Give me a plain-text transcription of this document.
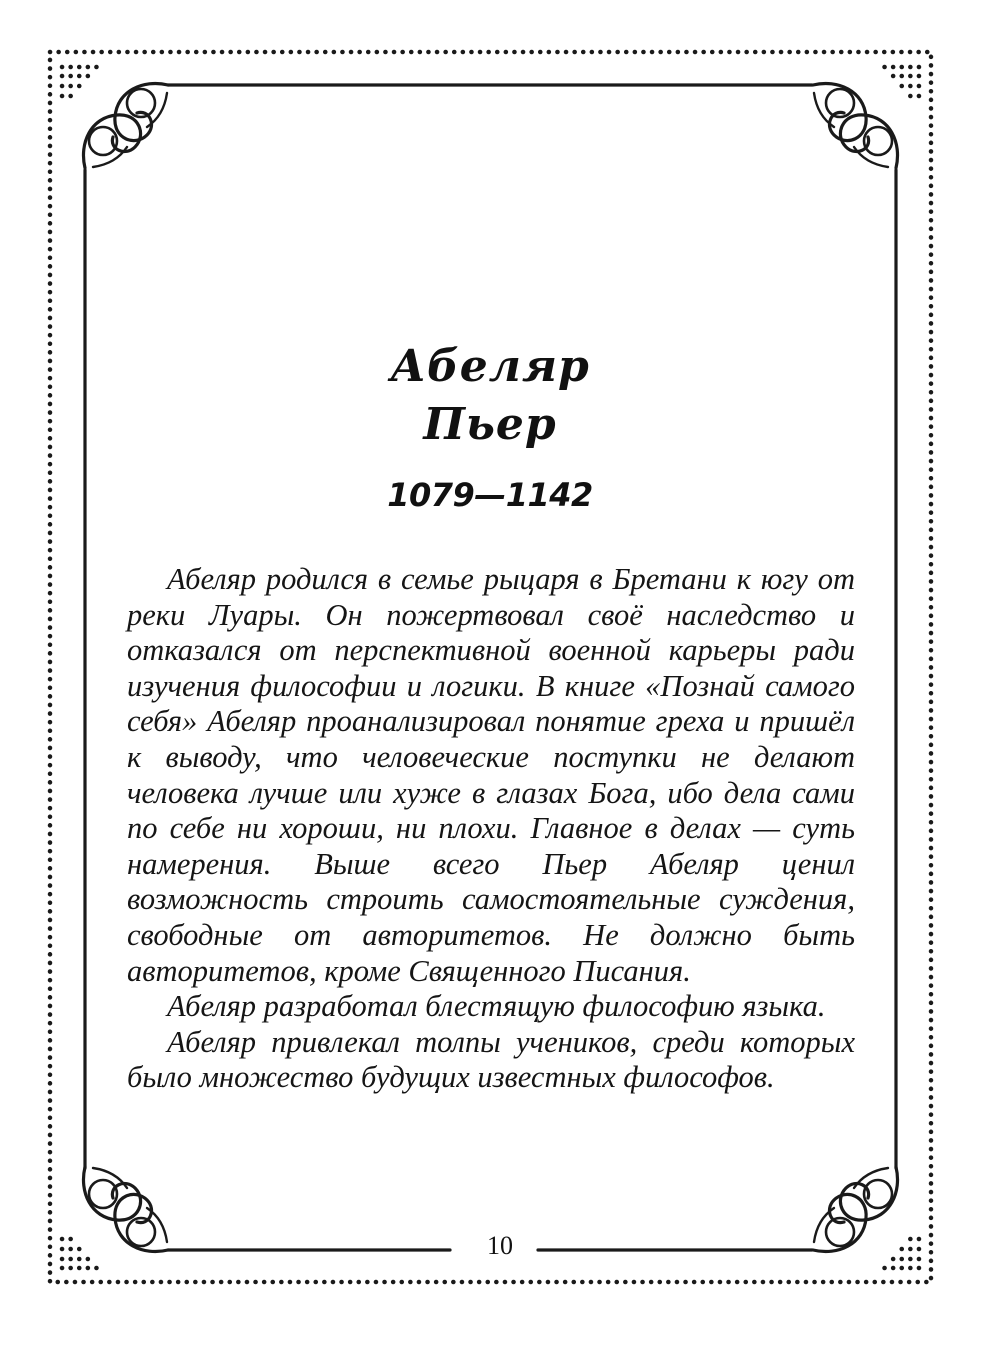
Абеляр
Пьер
1079—1142

Абеляр родился в семье рыцаря в Бретани к югу от реки Луары. Он пожертвовал своё наследство и отказался от перспективной военной карьеры ради изучения философии и логики. В книге «Познай самого себя» Абеляр проанализировал понятие греха и пришёл к выводу, что человеческие поступки не делают человека лучше или хуже в глазах Бога, ибо дела сами по себе ни хороши, ни плохи. Главное в делах — суть намерения. Выше всего Пьер Абеляр ценил возможность строить самостоятельные суждения, свободные от авторитетов. Не должно быть авторитетов, кроме Священного Писания.

Абеляр разработал блестящую философию языка.

Абеляр привлекал толпы учеников, среди которых было множество будущих известных философов.

10
